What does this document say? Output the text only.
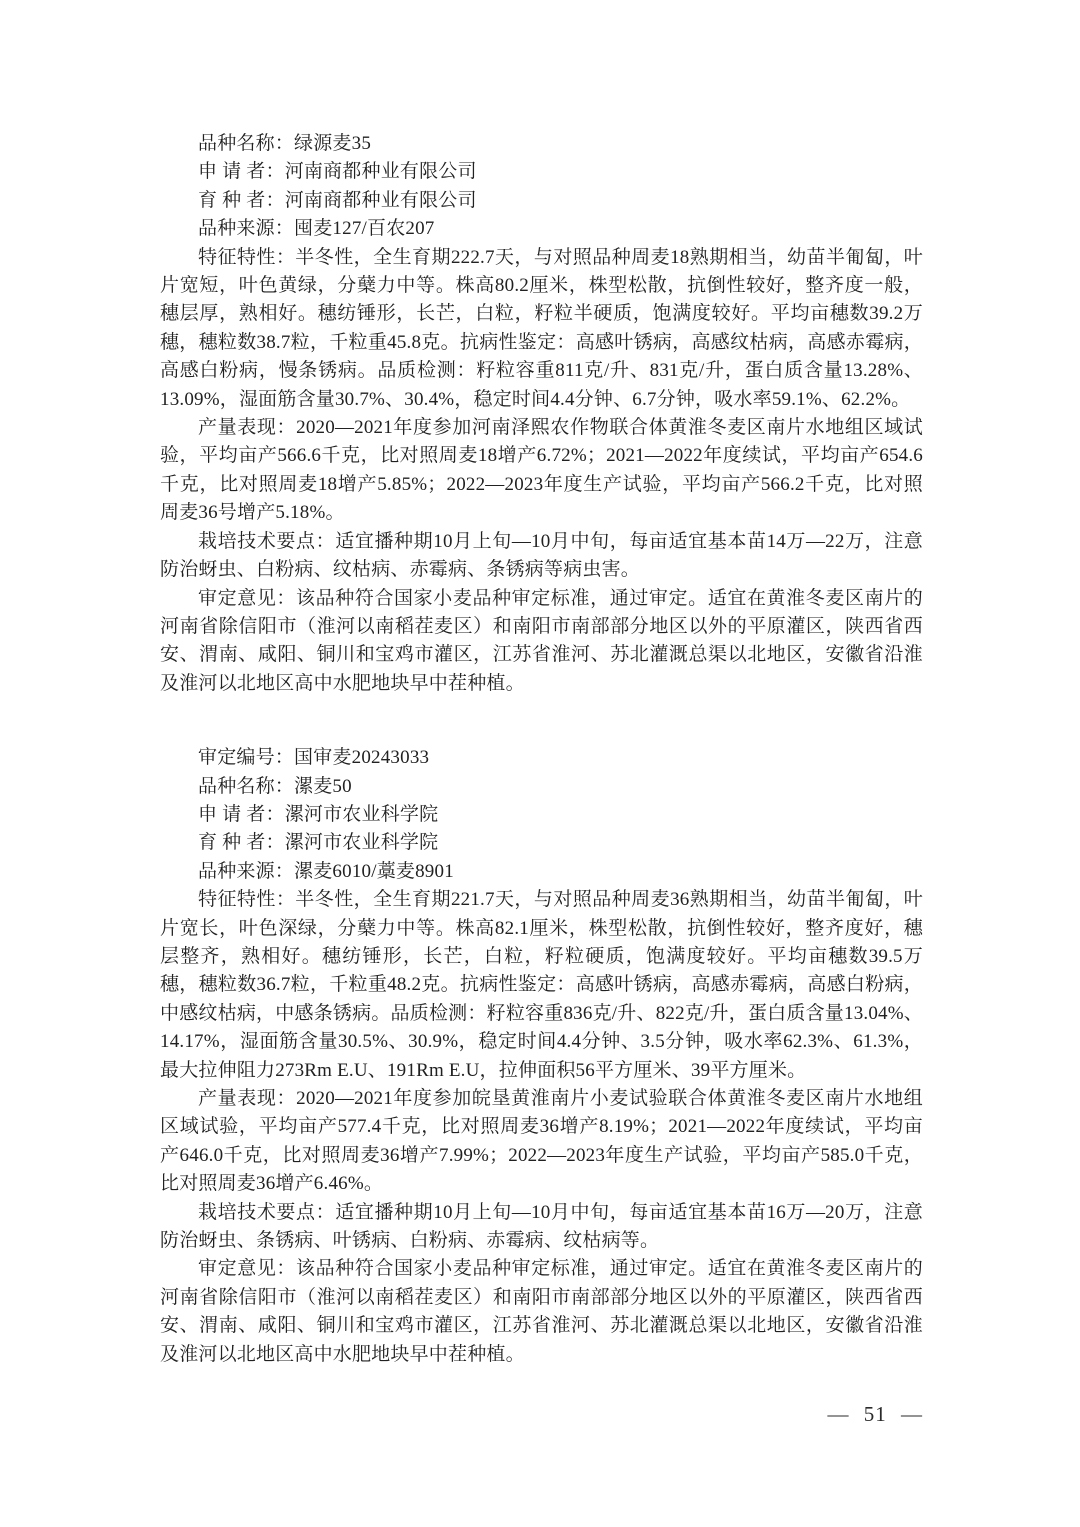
品种名称：绿源麦35

申 请 者：河南商都种业有限公司

育 种 者：河南商都种业有限公司

品种来源：囤麦127/百农207

特征特性：半冬性，全生育期222.7天，与对照品种周麦18熟期相当，幼苗半匍匐，叶片宽短，叶色黄绿，分蘖力中等。株高80.2厘米，株型松散，抗倒性较好，整齐度一般，穗层厚，熟相好。穗纺锤形，长芒，白粒，籽粒半硬质，饱满度较好。平均亩穗数39.2万穗，穗粒数38.7粒，千粒重45.8克。抗病性鉴定：高感叶锈病，高感纹枯病，高感赤霉病，高感白粉病，慢条锈病。品质检测：籽粒容重811克/升、831克/升，蛋白质含量13.28%、13.09%，湿面筋含量30.7%、30.4%，稳定时间4.4分钟、6.7分钟，吸水率59.1%、62.2%。

产量表现：2020—2021年度参加河南泽熙农作物联合体黄淮冬麦区南片水地组区域试验，平均亩产566.6千克，比对照周麦18增产6.72%；2021—2022年度续试，平均亩产654.6千克，比对照周麦18增产5.85%；2022—2023年度生产试验，平均亩产566.2千克，比对照周麦36号增产5.18%。

栽培技术要点：适宜播种期10月上旬—10月中旬，每亩适宜基本苗14万—22万，注意防治蚜虫、白粉病、纹枯病、赤霉病、条锈病等病虫害。

审定意见：该品种符合国家小麦品种审定标准，通过审定。适宜在黄淮冬麦区南片的河南省除信阳市（淮河以南稻茬麦区）和南阳市南部部分地区以外的平原灌区，陕西省西安、渭南、咸阳、铜川和宝鸡市灌区，江苏省淮河、苏北灌溉总渠以北地区，安徽省沿淮及淮河以北地区高中水肥地块早中茬种植。

审定编号：国审麦20243033

品种名称：漯麦50

申 请 者：漯河市农业科学院

育 种 者：漯河市农业科学院

品种来源：漯麦6010/藁麦8901

特征特性：半冬性，全生育期221.7天，与对照品种周麦36熟期相当，幼苗半匍匐，叶片宽长，叶色深绿，分蘖力中等。株高82.1厘米，株型松散，抗倒性较好，整齐度好，穗层整齐，熟相好。穗纺锤形，长芒，白粒，籽粒硬质，饱满度较好。平均亩穗数39.5万穗，穗粒数36.7粒，千粒重48.2克。抗病性鉴定：高感叶锈病，高感赤霉病，高感白粉病，中感纹枯病，中感条锈病。品质检测：籽粒容重836克/升、822克/升，蛋白质含量13.04%、14.17%，湿面筋含量30.5%、30.9%，稳定时间4.4分钟、3.5分钟，吸水率62.3%、61.3%，最大拉伸阻力273Rm E.U、191Rm E.U，拉伸面积56平方厘米、39平方厘米。

产量表现：2020—2021年度参加皖垦黄淮南片小麦试验联合体黄淮冬麦区南片水地组区域试验，平均亩产577.4千克，比对照周麦36增产8.19%；2021—2022年度续试，平均亩产646.0千克，比对照周麦36增产7.99%；2022—2023年度生产试验，平均亩产585.0千克，比对照周麦36增产6.46%。

栽培技术要点：适宜播种期10月上旬—10月中旬，每亩适宜基本苗16万—20万，注意防治蚜虫、条锈病、叶锈病、白粉病、赤霉病、纹枯病等。

审定意见：该品种符合国家小麦品种审定标准，通过审定。适宜在黄淮冬麦区南片的河南省除信阳市（淮河以南稻茬麦区）和南阳市南部部分地区以外的平原灌区，陕西省西安、渭南、咸阳、铜川和宝鸡市灌区，江苏省淮河、苏北灌溉总渠以北地区，安徽省沿淮及淮河以北地区高中水肥地块早中茬种植。

— 51 —
